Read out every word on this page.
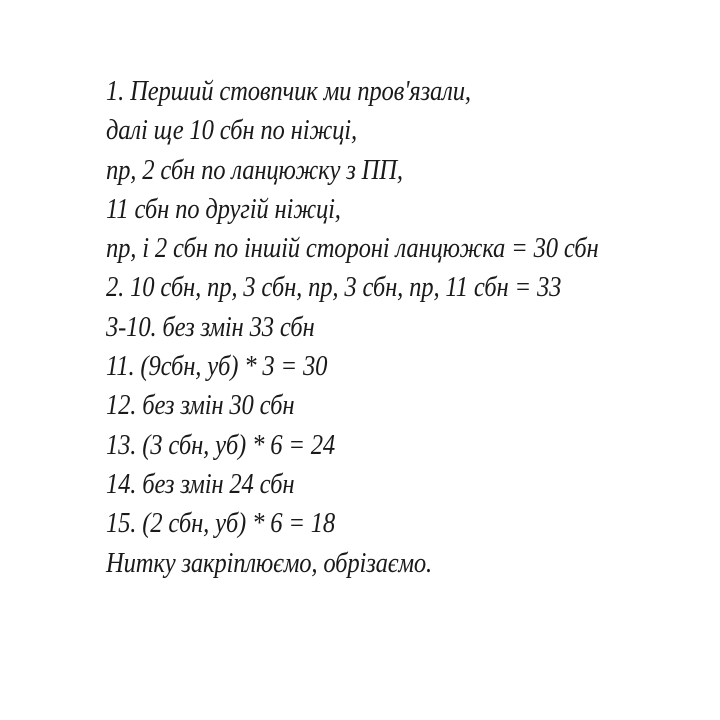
1. Перший стовпчик ми пров'язали,
далі ще 10 сбн по ніжці,
пр, 2 сбн по ланцюжку з ПП,
11 сбн по другій ніжці,
пр, і 2 сбн по іншій стороні ланцюжка = 30 сбн
2. 10 сбн, пр, 3 сбн, пр, 3 сбн, пр, 11 сбн = 33
3-10. без змін 33 сбн
11. (9сбн, уб) * 3 = 30
12. без змін 30 сбн
13. (3 сбн, уб) * 6 = 24
14. без змін 24 сбн
15. (2 сбн, уб) * 6 = 18
Нитку закріплюємо, обрізаємо.
